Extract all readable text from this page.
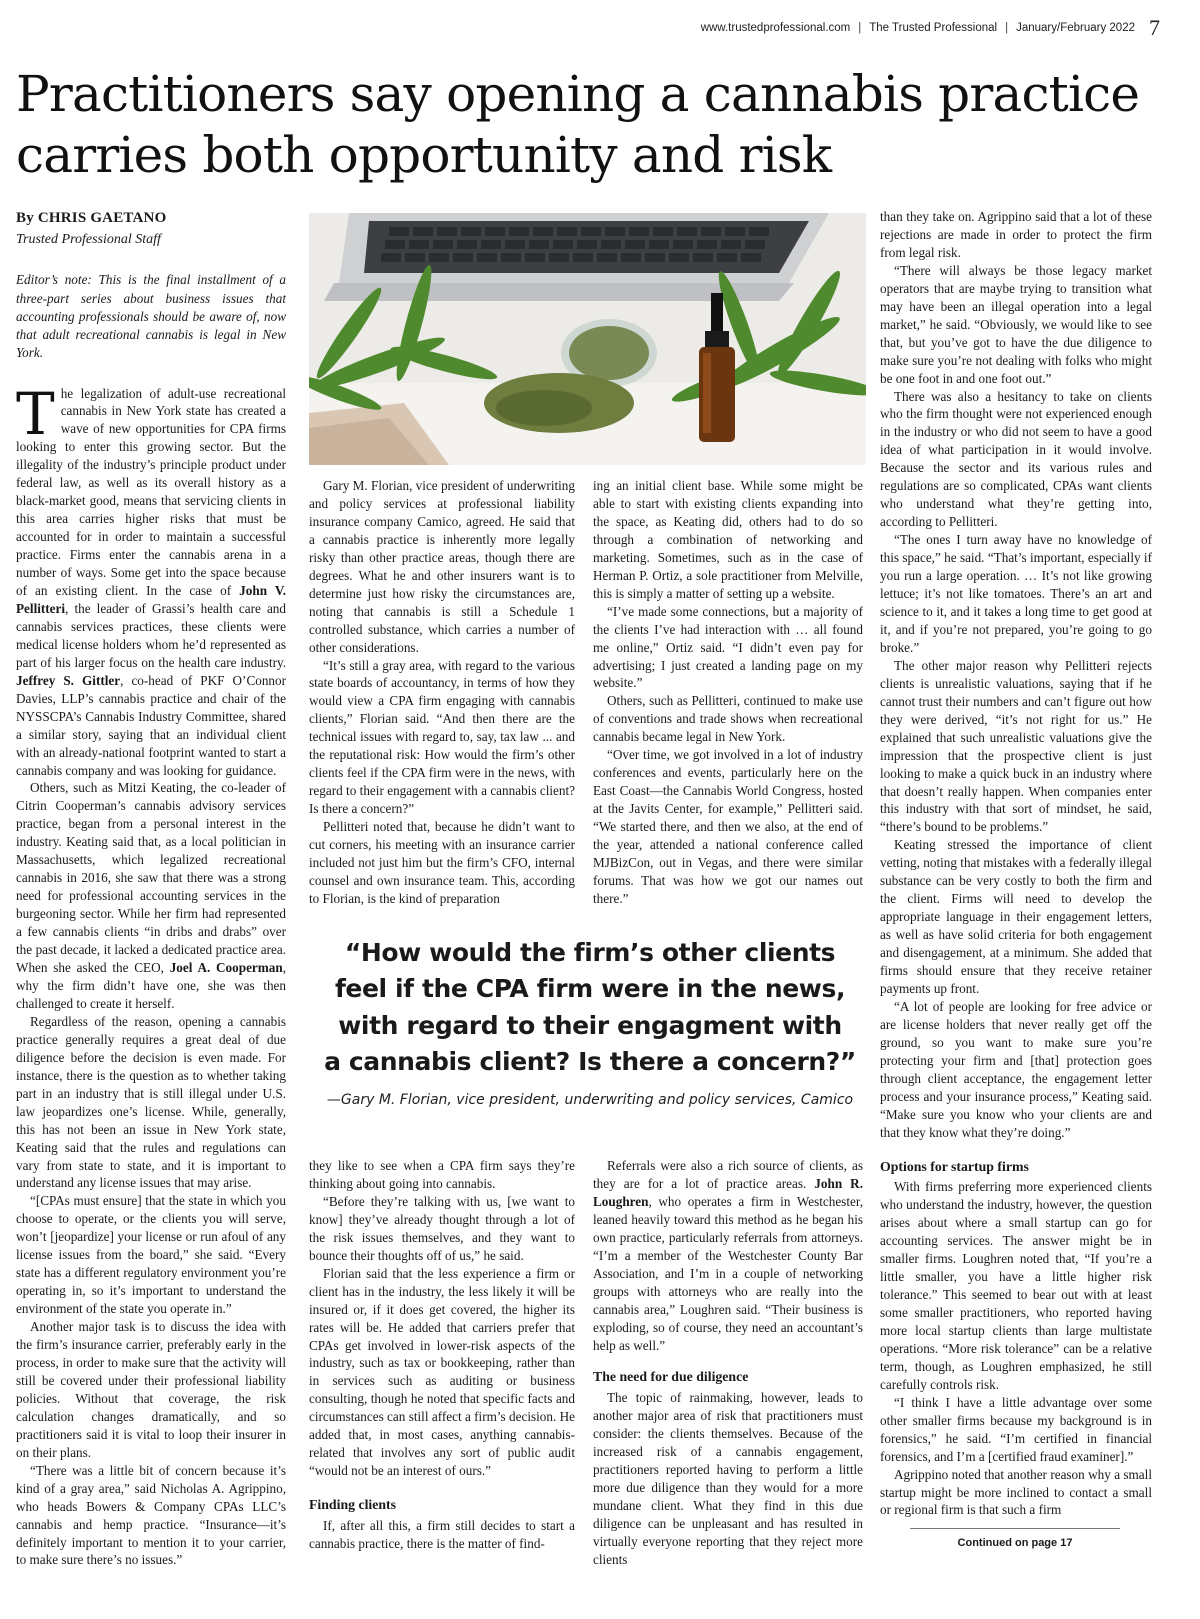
www.trustedprofessional.com | The Trusted Professional | January/February 2022 7
Practitioners say opening a cannabis practice carries both opportunity and risk
By CHRIS GAETANO
Trusted Professional Staff

Editor’s note: This is the final installment of a three-part series about business issues that accounting professionals should be aware of, now that adult recreational cannabis is legal in New York.

The legalization of adult-use recreational cannabis in New York state has created a wave of new opportunities for CPA firms looking to enter this growing sector. But the illegality of the industry’s principle product under federal law, as well as its overall history as a black-market good, means that servicing clients in this area carries higher risks that must be accounted for in order to maintain a successful practice. Firms enter the cannabis arena in a number of ways. Some get into the space because of an existing client. In the case of John V. Pellitteri, the leader of Grassi’s health care and cannabis services practices, these clients were medical license holders whom he’d represented as part of his larger focus on the health care industry. Jeffrey S. Gittler, co-head of PKF O’Connor Davies, LLP’s cannabis practice and chair of the NYSSCPA’s Cannabis Industry Committee, shared a similar story, saying that an individual client with an already-national footprint wanted to start a cannabis company and was looking for guidance.

Others, such as Mitzi Keating, the co-leader of Citrin Cooperman’s cannabis advisory services practice, began from a personal interest in the industry. Keating said that, as a local politician in Massachusetts, which legalized recreational cannabis in 2016, she saw that there was a strong need for professional accounting services in the burgeoning sector. While her firm had represented a few cannabis clients “in dribs and drabs” over the past decade, it lacked a dedicated practice area. When she asked the CEO, Joel A. Cooperman, why the firm didn’t have one, she was then challenged to create it herself.

Regardless of the reason, opening a cannabis practice generally requires a great deal of due diligence before the decision is even made. For instance, there is the question as to whether taking part in an industry that is still illegal under U.S. law jeopardizes one’s license. While, generally, this has not been an issue in New York state, Keating said that the rules and regulations can vary from state to state, and it is important to understand any license issues that may arise.

“[CPAs must ensure] that the state in which you choose to operate, or the clients you will serve, won’t [jeopardize] your license or run afoul of any license issues from the board,” she said. “Every state has a different regulatory environment you’re operating in, so it’s important to understand the environment of the state you operate in.”

Another major task is to discuss the idea with the firm’s insurance carrier, preferably early in the process, in order to make sure that the activity will still be covered under their professional liability policies. Without that coverage, the risk calculation changes dramatically, and so practitioners said it is vital to loop their insurer in on their plans.

“There was a little bit of concern because it’s kind of a gray area,” said Nicholas A. Agrippino, who heads Bowers & Company CPAs LLC’s cannabis and hemp practice. “Insurance—it’s definitely important to mention it to your carrier, to make sure there’s no issues.”

Gary M. Florian, vice president of underwriting and policy services at professional liability insurance company Camico, agreed. He said that a cannabis practice is inherently more legally risky than other practice areas, though there are degrees. What he and other insurers want is to determine just how risky the circumstances are, noting that cannabis is still a Schedule 1 controlled substance, which carries a number of other considerations.

“It’s still a gray area, with regard to the various state boards of accountancy, in terms of how they would view a CPA firm engaging with cannabis clients,” Florian said. “And then there are the technical issues with regard to, say, tax law ... and the reputational risk: How would the firm’s other clients feel if the CPA firm were in the news, with regard to their engagement with a cannabis client? Is there a concern?”

Pellitteri noted that, because he didn’t want to cut corners, his meeting with an insurance carrier included not just him but the firm’s CFO, internal counsel and own insurance team. This, according to Florian, is the kind of preparation

ing an initial client base. While some might be able to start with existing clients expanding into the space, as Keating did, others had to do so through a combination of networking and marketing. Sometimes, such as in the case of Herman P. Ortiz, a sole practitioner from Melville, this is simply a matter of setting up a website.

“I’ve made some connections, but a majority of the clients I’ve had interaction with … all found me online,” Ortiz said. “I didn’t even pay for advertising; I just created a landing page on my website.”

Others, such as Pellitteri, continued to make use of conventions and trade shows when recreational cannabis became legal in New York.

“Over time, we got involved in a lot of industry conferences and events, particularly here on the East Coast—the Cannabis World Congress, hosted at the Javits Center, for example,” Pellitteri said. “We started there, and then we also, at the end of the year, attended a national conference called MJBizCon, out in Vegas, and there were similar forums. That was how we got our names out there.”

“How would the firm’s other clients
feel if the CPA firm were in the news,
with regard to their engagment with
a cannabis client? Is there a concern?”
—Gary M. Florian, vice president, underwriting and policy services, Camico

they like to see when a CPA firm says they’re thinking about going into cannabis.

“Before they’re talking with us, [we want to know] they’ve already thought through a lot of the risk issues themselves, and they want to bounce their thoughts off of us,” he said.

Florian said that the less experience a firm or client has in the industry, the less likely it will be insured or, if it does get covered, the higher its rates will be. He added that carriers prefer that CPAs get involved in lower-risk aspects of the industry, such as tax or bookkeeping, rather than in services such as auditing or business consulting, though he noted that specific facts and circumstances can still affect a firm’s decision. He added that, in most cases, anything cannabis-related that involves any sort of public audit “would not be an interest of ours.”

Finding clients

If, after all this, a firm still decides to start a cannabis practice, there is the matter of find-

Referrals were also a rich source of clients, as they are for a lot of practice areas. John R. Loughren, who operates a firm in Westchester, leaned heavily toward this method as he began his own practice, particularly referrals from attorneys. “I’m a member of the Westchester County Bar Association, and I’m in a couple of networking groups with attorneys who are really into the cannabis area,” Loughren said. “Their business is exploding, so of course, they need an accountant’s help as well.”

The need for due diligence

The topic of rainmaking, however, leads to another major area of risk that practitioners must consider: the clients themselves. Because of the increased risk of a cannabis engagement, practitioners reported having to perform a little more due diligence than they would for a more mundane client. What they find in this due diligence can be unpleasant and has resulted in virtually everyone reporting that they reject more clients

than they take on. Agrippino said that a lot of these rejections are made in order to protect the firm from legal risk.

“There will always be those legacy market operators that are maybe trying to transition what may have been an illegal operation into a legal market,” he said. “Obviously, we would like to see that, but you’ve got to have the due diligence to make sure you’re not dealing with folks who might be one foot in and one foot out.”

There was also a hesitancy to take on clients who the firm thought were not experienced enough in the industry or who did not seem to have a good idea of what participation in it would involve. Because the sector and its various rules and regulations are so complicated, CPAs want clients who understand what they’re getting into, according to Pellitteri.

“The ones I turn away have no knowledge of this space,” he said. “That’s important, especially if you run a large operation. … It’s not like growing lettuce; it’s not like tomatoes. There’s an art and science to it, and it takes a long time to get good at it, and if you’re not prepared, you’re going to go broke.”

The other major reason why Pellitteri rejects clients is unrealistic valuations, saying that if he cannot trust their numbers and can’t figure out how they were derived, “it’s not right for us.” He explained that such unrealistic valuations give the impression that the prospective client is just looking to make a quick buck in an industry where that doesn’t really happen. When companies enter this industry with that sort of mindset, he said, “there’s bound to be problems.”

Keating stressed the importance of client vetting, noting that mistakes with a federally illegal substance can be very costly to both the firm and the client. Firms will need to develop the appropriate language in their engagement letters, as well as have solid criteria for both engagement and disengagement, at a minimum. She added that firms should ensure that they receive retainer payments up front.

“A lot of people are looking for free advice or are license holders that never really get off the ground, so you want to make sure you’re protecting your firm and [that] protection goes through client acceptance, the engagement letter process and your insurance process,” Keating said. “Make sure you know who your clients are and that they know what they’re doing.”

Options for startup firms

With firms preferring more experienced clients who understand the industry, however, the question arises about where a small startup can go for accounting services. The answer might be in smaller firms. Loughren noted that, “If you’re a little smaller, you have a little higher risk tolerance.” This seemed to bear out with at least some smaller practitioners, who reported having more local startup clients than large multistate operations. “More risk tolerance” can be a relative term, though, as Loughren emphasized, he still carefully controls risk.

“I think I have a little advantage over some other smaller firms because my background is in forensics,” he said. “I’m certified in financial forensics, and I’m a [certified fraud examiner].”

Agrippino noted that another reason why a small startup might be more inclined to contact a small or regional firm is that such a firm

Continued on page 17
